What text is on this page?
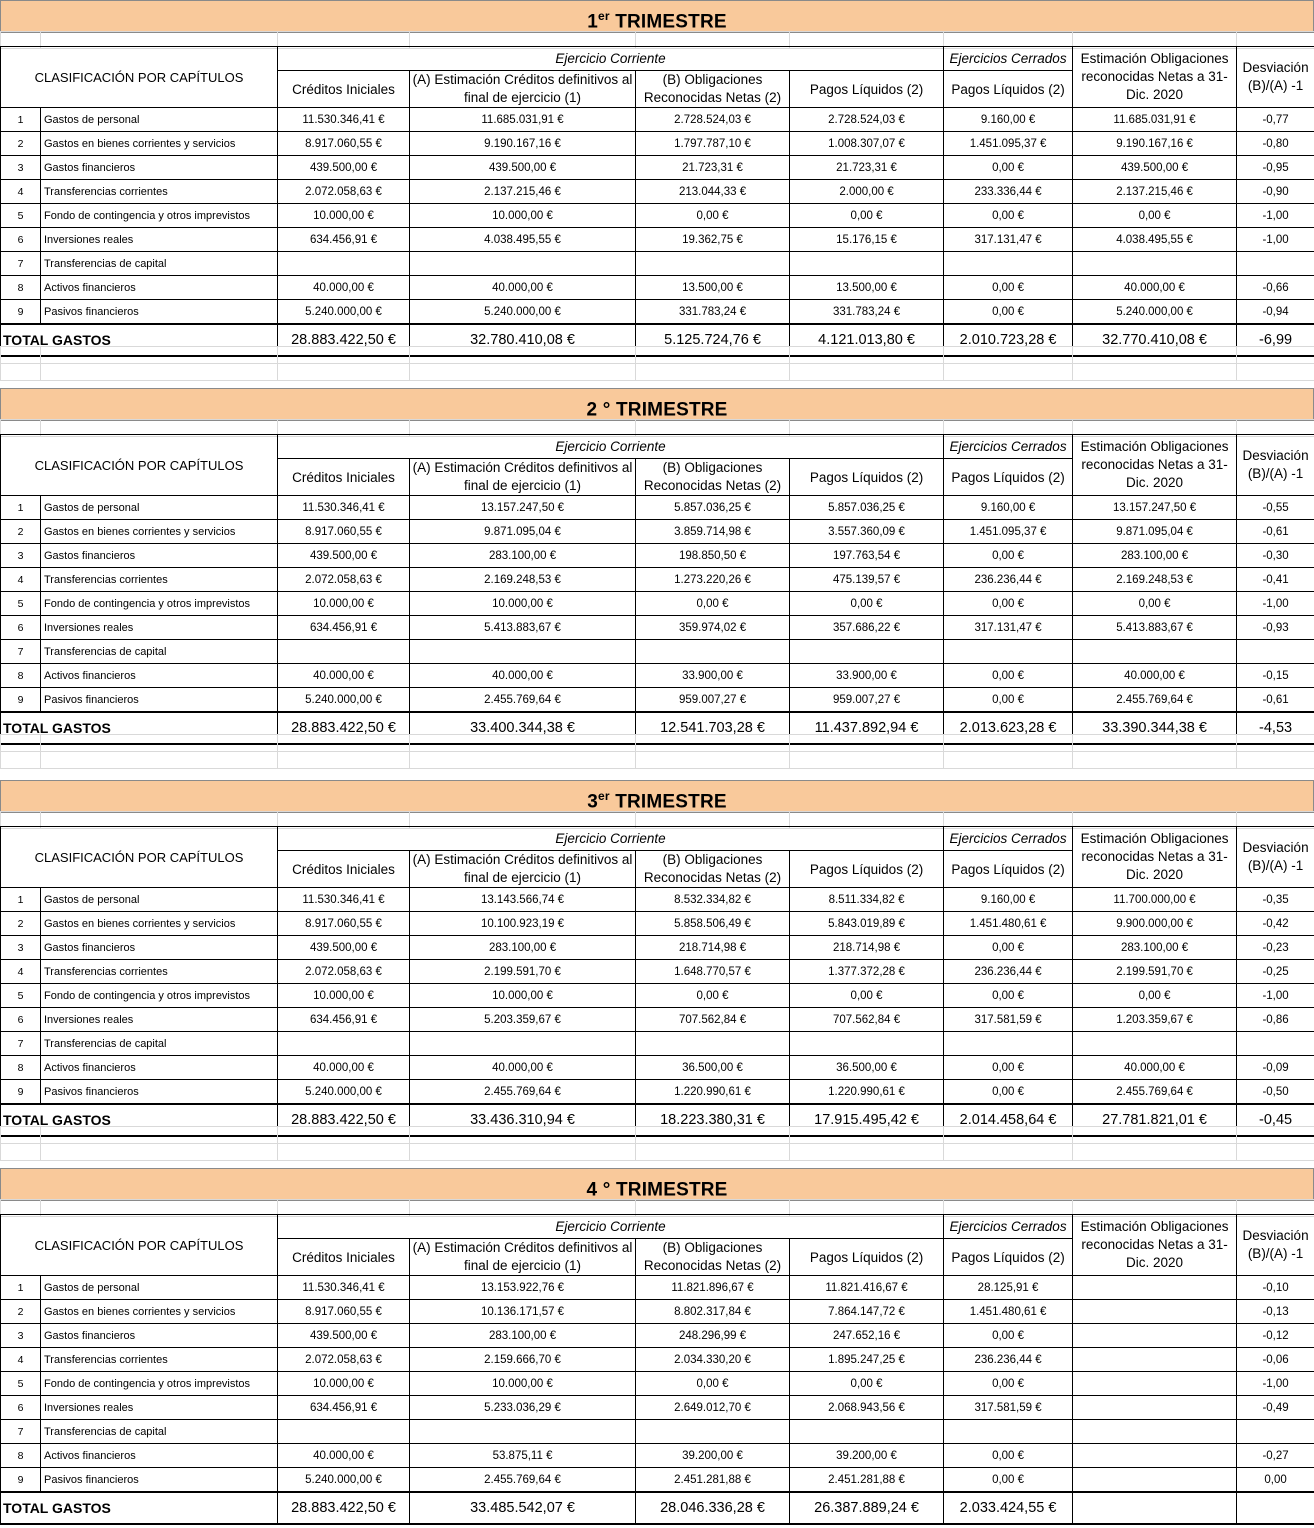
1er TRIMESTRE

CLASIFICACIÓN POR CAPÍTULOS		Ejercicio Corriente				Ejercicios Cerrados	Estimación Obligaciones reconocidas Netas a 31-Dic. 2020	Desviación (B)/(A) -1
		Créditos Iniciales	(A) Estimación Créditos definitivos al final de ejercicio (1)	(B) Obligaciones Reconocidas Netas (2)	Pagos Líquidos (2)	Pagos Líquidos (2)		
1	Gastos de personal	11.530.346,41 €	11.685.031,91 €	2.728.524,03 €	2.728.524,03 €	9.160,00 €	11.685.031,91 €	-0,77
2	Gastos en bienes corrientes y servicios	8.917.060,55 €	9.190.167,16 €	1.797.787,10 €	1.008.307,07 €	1.451.095,37 €	9.190.167,16 €	-0,80
3	Gastos financieros	439.500,00 €	439.500,00 €	21.723,31 €	21.723,31 €	0,00 €	439.500,00 €	-0,95
4	Transferencias corrientes	2.072.058,63 €	2.137.215,46 €	213.044,33 €	2.000,00 €	233.336,44 €	2.137.215,46 €	-0,90
5	Fondo de contingencia y otros imprevistos	10.000,00 €	10.000,00 €	0,00 €	0,00 €	0,00 €	0,00 €	-1,00
6	Inversiones reales	634.456,91 €	4.038.495,55 €	19.362,75 €	15.176,15 €	317.131,47 €	4.038.495,55 €	-1,00
7	Transferencias de capital							
8	Activos financieros	40.000,00 €	40.000,00 €	13.500,00 €	13.500,00 €	0,00 €	40.000,00 €	-0,66
9	Pasivos financieros	5.240.000,00 €	5.240.000,00 €	331.783,24 €	331.783,24 €	0,00 €	5.240.000,00 €	-0,94
TOTAL GASTOS		28.883.422,50 €	32.780.410,08 €	5.125.724,76 €	4.121.013,80 €	2.010.723,28 €	32.770.410,08 €	-6,99

2 ° TRIMESTRE

CLASIFICACIÓN POR CAPÍTULOS		Ejercicio Corriente				Ejercicios Cerrados	Estimación Obligaciones reconocidas Netas a 31-Dic. 2020	Desviación (B)/(A) -1
		Créditos Iniciales	(A) Estimación Créditos definitivos al final de ejercicio (1)	(B) Obligaciones Reconocidas Netas (2)	Pagos Líquidos (2)	Pagos Líquidos (2)		
1	Gastos de personal	11.530.346,41 €	13.157.247,50 €	5.857.036,25 €	5.857.036,25 €	9.160,00 €	13.157.247,50 €	-0,55
2	Gastos en bienes corrientes y servicios	8.917.060,55 €	9.871.095,04 €	3.859.714,98 €	3.557.360,09 €	1.451.095,37 €	9.871.095,04 €	-0,61
3	Gastos financieros	439.500,00 €	283.100,00 €	198.850,50 €	197.763,54 €	0,00 €	283.100,00 €	-0,30
4	Transferencias corrientes	2.072.058,63 €	2.169.248,53 €	1.273.220,26 €	475.139,57 €	236.236,44 €	2.169.248,53 €	-0,41
5	Fondo de contingencia y otros imprevistos	10.000,00 €	10.000,00 €	0,00 €	0,00 €	0,00 €	0,00 €	-1,00
6	Inversiones reales	634.456,91 €	5.413.883,67 €	359.974,02 €	357.686,22 €	317.131,47 €	5.413.883,67 €	-0,93
7	Transferencias de capital							
8	Activos financieros	40.000,00 €	40.000,00 €	33.900,00 €	33.900,00 €	0,00 €	40.000,00 €	-0,15
9	Pasivos financieros	5.240.000,00 €	2.455.769,64 €	959.007,27 €	959.007,27 €	0,00 €	2.455.769,64 €	-0,61
TOTAL GASTOS		28.883.422,50 €	33.400.344,38 €	12.541.703,28 €	11.437.892,94 €	2.013.623,28 €	33.390.344,38 €	-4,53

3er TRIMESTRE

CLASIFICACIÓN POR CAPÍTULOS		Ejercicio Corriente				Ejercicios Cerrados	Estimación Obligaciones reconocidas Netas a 31-Dic. 2020	Desviación (B)/(A) -1
		Créditos Iniciales	(A) Estimación Créditos definitivos al final de ejercicio (1)	(B) Obligaciones Reconocidas Netas (2)	Pagos Líquidos (2)	Pagos Líquidos (2)		
1	Gastos de personal	11.530.346,41 €	13.143.566,74 €	8.532.334,82 €	8.511.334,82 €	9.160,00 €	11.700.000,00 €	-0,35
2	Gastos en bienes corrientes y servicios	8.917.060,55 €	10.100.923,19 €	5.858.506,49 €	5.843.019,89 €	1.451.480,61 €	9.900.000,00 €	-0,42
3	Gastos financieros	439.500,00 €	283.100,00 €	218.714,98 €	218.714,98 €	0,00 €	283.100,00 €	-0,23
4	Transferencias corrientes	2.072.058,63 €	2.199.591,70 €	1.648.770,57 €	1.377.372,28 €	236.236,44 €	2.199.591,70 €	-0,25
5	Fondo de contingencia y otros imprevistos	10.000,00 €	10.000,00 €	0,00 €	0,00 €	0,00 €	0,00 €	-1,00
6	Inversiones reales	634.456,91 €	5.203.359,67 €	707.562,84 €	707.562,84 €	317.581,59 €	1.203.359,67 €	-0,86
7	Transferencias de capital							
8	Activos financieros	40.000,00 €	40.000,00 €	36.500,00 €	36.500,00 €	0,00 €	40.000,00 €	-0,09
9	Pasivos financieros	5.240.000,00 €	2.455.769,64 €	1.220.990,61 €	1.220.990,61 €	0,00 €	2.455.769,64 €	-0,50
TOTAL GASTOS		28.883.422,50 €	33.436.310,94 €	18.223.380,31 €	17.915.495,42 €	2.014.458,64 €	27.781.821,01 €	-0,45

4 ° TRIMESTRE

CLASIFICACIÓN POR CAPÍTULOS		Ejercicio Corriente				Ejercicios Cerrados	Estimación Obligaciones reconocidas Netas a 31-Dic. 2020	Desviación (B)/(A) -1
		Créditos Iniciales	(A) Estimación Créditos definitivos al final de ejercicio (1)	(B) Obligaciones Reconocidas Netas (2)	Pagos Líquidos (2)	Pagos Líquidos (2)		
1	Gastos de personal	11.530.346,41 €	13.153.922,76 €	11.821.896,67 €	11.821.416,67 €	28.125,91 €		-0,10
2	Gastos en bienes corrientes y servicios	8.917.060,55 €	10.136.171,57 €	8.802.317,84 €	7.864.147,72 €	1.451.480,61 €		-0,13
3	Gastos financieros	439.500,00 €	283.100,00 €	248.296,99 €	247.652,16 €	0,00 €		-0,12
4	Transferencias corrientes	2.072.058,63 €	2.159.666,70 €	2.034.330,20 €	1.895.247,25 €	236.236,44 €		-0,06
5	Fondo de contingencia y otros imprevistos	10.000,00 €	10.000,00 €	0,00 €	0,00 €	0,00 €		-1,00
6	Inversiones reales	634.456,91 €	5.233.036,29 €	2.649.012,70 €	2.068.943,56 €	317.581,59 €		-0,49
7	Transferencias de capital							
8	Activos financieros	40.000,00 €	53.875,11 €	39.200,00 €	39.200,00 €	0,00 €		-0,27
9	Pasivos financieros	5.240.000,00 €	2.455.769,64 €	2.451.281,88 €	2.451.281,88 €	0,00 €		0,00
TOTAL GASTOS		28.883.422,50 €	33.485.542,07 €	28.046.336,28 €	26.387.889,24 €	2.033.424,55 €		
